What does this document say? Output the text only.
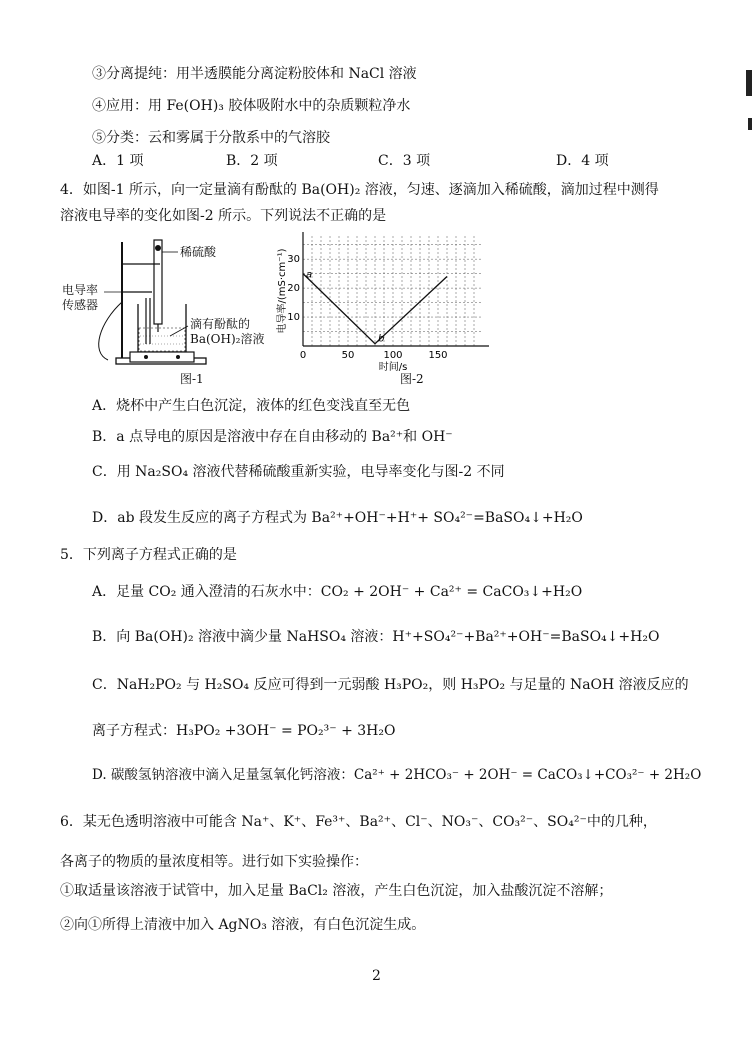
③分离提纯：用半透膜能分离淀粉胶体和 NaCl 溶液
④应用：用 Fe(OH)₃ 胶体吸附水中的杂质颗粒净水
⑤分类：云和雾属于分散系中的气溶胶
A．1 项	B．2 项	C．3 项	D．4 项
4．如图-1 所示，向一定量滴有酚酞的 Ba(OH)₂ 溶液，匀速、逐滴加入稀硫酸，滴加过程中测得
溶液电导率的变化如图-2 所示。下列说法不正确的是
稀硫酸
电导率
传感器
滴有酚酞的
Ba(OH)₂溶液
图-1
0	50	100	150
10
20
30
时间/s
电导率/(mS·cm⁻¹) a
b
图-2
A．烧杯中产生白色沉淀，液体的红色变浅直至无色
B．a 点导电的原因是溶液中存在自由移动的 Ba²⁺和 OH⁻
C．用 Na₂SO₄ 溶液代替稀硫酸重新实验，电导率变化与图-2 不同
D．ab 段发生反应的离子方程式为 Ba²⁺+OH⁻+H⁺+ SO₄²⁻=BaSO₄↓+H₂O
5．下列离子方程式正确的是
A．足量 CO₂ 通入澄清的石灰水中：CO₂ + 2OH⁻ + Ca²⁺ = CaCO₃↓+H₂O
B．向 Ba(OH)₂ 溶液中滴少量 NaHSO₄ 溶液：H⁺+SO₄²⁻+Ba²⁺+OH⁻=BaSO₄↓+H₂O
C．NaH₂PO₂ 与 H₂SO₄ 反应可得到一元弱酸 H₃PO₂，则 H₃PO₂ 与足量的 NaOH 溶液反应的
离子方程式：H₃PO₂ +3OH⁻ = PO₂³⁻ + 3H₂O
D. 碳酸氢钠溶液中滴入足量氢氧化钙溶液：Ca²⁺ + 2HCO₃⁻ + 2OH⁻ = CaCO₃↓+CO₃²⁻ + 2H₂O
6．某无色透明溶液中可能含 Na⁺、K⁺、Fe³⁺、Ba²⁺、Cl⁻、NO₃⁻、CO₃²⁻、SO₄²⁻中的几种，
各离子的物质的量浓度相等。进行如下实验操作：
①取适量该溶液于试管中，加入足量 BaCl₂ 溶液，产生白色沉淀，加入盐酸沉淀不溶解；
②向①所得上清液中加入 AgNO₃ 溶液，有白色沉淀生成。
2
